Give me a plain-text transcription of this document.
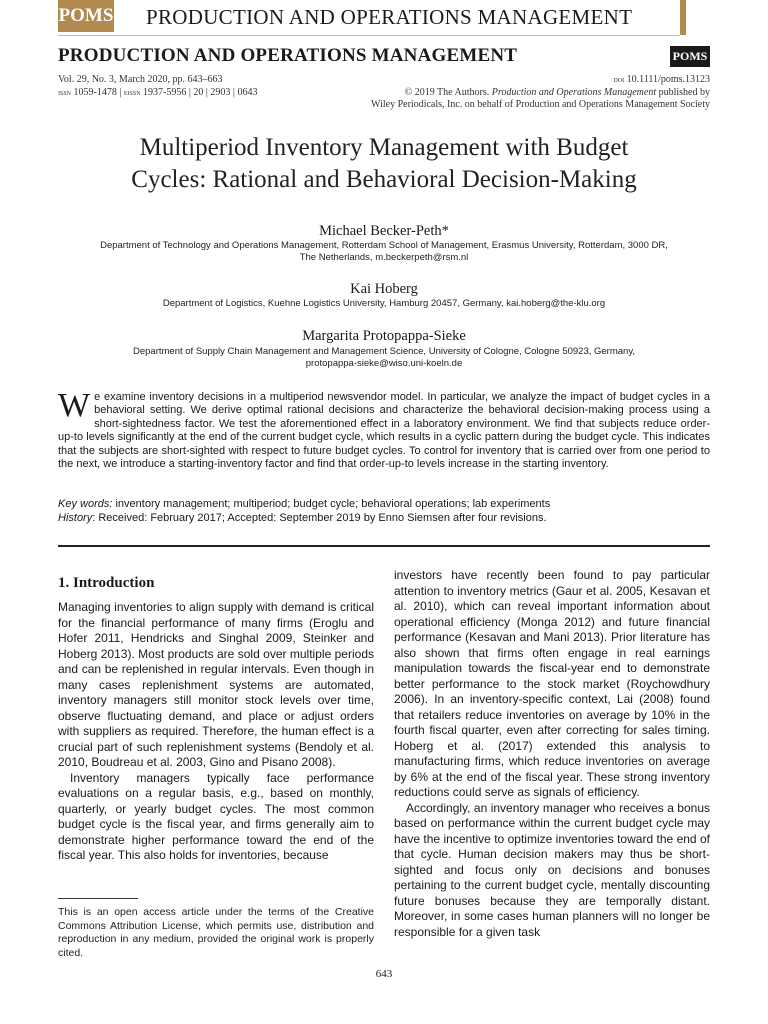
POMS PRODUCTION AND OPERATIONS MANAGEMENT
PRODUCTION AND OPERATIONS MANAGEMENT	POMS
Vol. 29, No. 3, March 2020, pp. 643–663
issn 1059-1478 | eissn 1937-5956 | 20 | 2903 | 0643
doi 10.1111/poms.13123
© 2019 The Authors. Production and Operations Management published by
Wiley Periodicals, Inc. on behalf of Production and Operations Management Society
Multiperiod Inventory Management with Budget
Cycles: Rational and Behavioral Decision-Making
Michael Becker-Peth*
Department of Technology and Operations Management, Rotterdam School of Management, Erasmus University, Rotterdam, 3000 DR,
The Netherlands, m.beckerpeth@rsm.nl
Kai Hoberg
Department of Logistics, Kuehne Logistics University, Hamburg 20457, Germany, kai.hoberg@the-klu.org
Margarita Protopappa-Sieke
Department of Supply Chain Management and Management Science, University of Cologne, Cologne 50923, Germany,
protopappa-sieke@wiso.uni-koeln.de
We examine inventory decisions in a multiperiod newsvendor model. In particular, we analyze the impact of budget cycles in a behavioral setting. We derive optimal rational decisions and characterize the behavioral decision-making process using a short-sightedness factor. We test the aforementioned effect in a laboratory environment. We find that subjects reduce order-up-to levels significantly at the end of the current budget cycle, which results in a cyclic pattern during the budget cycle. This indicates that the subjects are short-sighted with respect to future budget cycles. To control for inventory that is carried over from one period to the next, we introduce a starting-inventory factor and find that order-up-to levels increase in the starting inventory.
Key words: inventory management; multiperiod; budget cycle; behavioral operations; lab experiments
History: Received: February 2017; Accepted: September 2019 by Enno Siemsen after four revisions.
1. Introduction

Managing inventories to align supply with demand is critical for the financial performance of many firms (Eroglu and Hofer 2011, Hendricks and Singhal 2009, Steinker and Hoberg 2013). Most products are sold over multiple periods and can be replenished in regular intervals. Even though in many cases replenishment systems are automated, inventory managers still monitor stock levels over time, observe fluctuating demand, and place or adjust orders with suppliers as required. Therefore, the human effect is a crucial part of such replenishment systems (Bendoly et al. 2010, Boudreau et al. 2003, Gino and Pisano 2008).

Inventory managers typically face performance evaluations on a regular basis, e.g., based on monthly, quarterly, or yearly budget cycles. The most common budget cycle is the fiscal year, and firms generally aim to demonstrate higher performance toward the end of the fiscal year. This also holds for inventories, because

investors have recently been found to pay particular attention to inventory metrics (Gaur et al. 2005, Kesavan et al. 2010), which can reveal important information about operational efficiency (Monga 2012) and future financial performance (Kesavan and Mani 2013). Prior literature has also shown that firms often engage in real earnings manipulation towards the fiscal-year end to demonstrate better performance to the stock market (Roychowdhury 2006). In an inventory-specific context, Lai (2008) found that retailers reduce inventories on average by 10% in the fourth fiscal quarter, even after correcting for sales timing. Hoberg et al. (2017) extended this analysis to manufacturing firms, which reduce inventories on average by 6% at the end of the fiscal year. These strong inventory reductions could serve as signals of efficiency.

Accordingly, an inventory manager who receives a bonus based on performance within the current budget cycle may have the incentive to optimize inventories toward the end of that cycle. Human decision makers may thus be short-sighted and focus only on decisions and bonuses pertaining to the current budget cycle, mentally discounting future bonuses because they are temporally distant. Moreover, in some cases human planners will no longer be responsible for a given task

This is an open access article under the terms of the Creative Commons Attribution License, which permits use, distribution and reproduction in any medium, provided the original work is properly cited.
643
